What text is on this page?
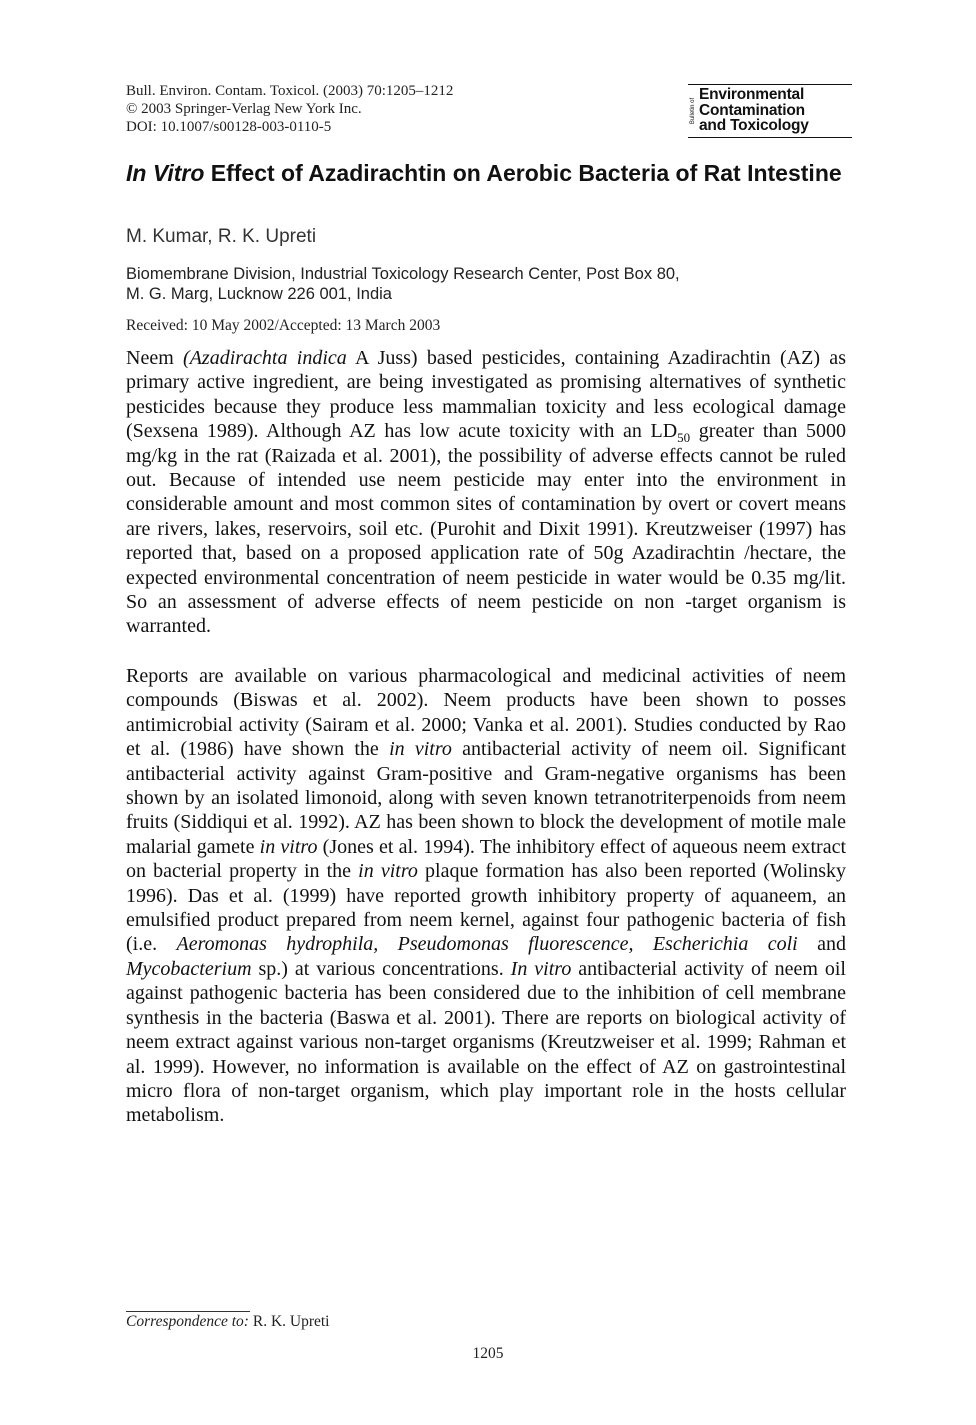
Bull. Environ. Contam. Toxicol. (2003) 70:1205–1212
© 2003 Springer-Verlag New York Inc.
DOI: 10.1007/s00128-003-0110-5
Bulletin of
Environmental
Contamination
and Toxicology
In Vitro Effect of Azadirachtin on Aerobic Bacteria of Rat Intestine
M. Kumar, R. K. Upreti
Biomembrane Division, Industrial Toxicology Research Center, Post Box 80,
M. G. Marg, Lucknow 226 001, India
Received: 10 May 2002/Accepted: 13 March 2003
Neem (Azadirachta indica A Juss) based pesticides, containing Azadirachtin (AZ) as primary active ingredient, are being investigated as promising alternatives of synthetic pesticides because they produce less mammalian toxicity and less ecological damage (Sexsena 1989). Although AZ has low acute toxicity with an $LD_{50}$ greater than 5000 mg/kg in the rat (Raizada et al. 2001), the possibility of adverse effects cannot be ruled out. Because of intended use neem pesticide may enter into the environment in considerable amount and most common sites of contamination by overt or covert means are rivers, lakes, reservoirs, soil etc. (Purohit and Dixit 1991). Kreutzweiser (1997) has reported that, based on a proposed application rate of 50g Azadirachtin /hectare, the expected environmental concentration of neem pesticide in water would be 0.35 mg/lit. So an assessment of adverse effects of neem pesticide on non -target organism is warranted.
Reports are available on various pharmacological and medicinal activities of neem compounds (Biswas et al. 2002). Neem products have been shown to posses antimicrobial activity (Sairam et al. 2000; Vanka et al. 2001). Studies conducted by Rao et al. (1986) have shown the in vitro antibacterial activity of neem oil. Significant antibacterial activity against Gram-positive and Gram-negative organisms has been shown by an isolated limonoid, along with seven known tetranotriterpenoids from neem fruits (Siddiqui et al. 1992). AZ has been shown to block the development of motile male malarial gamete in vitro (Jones et al. 1994). The inhibitory effect of aqueous neem extract on bacterial property in the in vitro plaque formation has also been reported (Wolinsky 1996). Das et al. (1999) have reported growth inhibitory property of aquaneem, an emulsified product prepared from neem kernel, against four pathogenic bacteria of fish (i.e. Aeromonas hydrophila, Pseudomonas fluorescence, Escherichia coli and Mycobacterium sp.) at various concentrations. In vitro antibacterial activity of neem oil against pathogenic bacteria has been considered due to the inhibition of cell membrane synthesis in the bacteria (Baswa et al. 2001). There are reports on biological activity of neem extract against various non-target organisms (Kreutzweiser et al. 1999; Rahman et al. 1999). However, no information is available on the effect of AZ on gastrointestinal micro flora of non-target organism, which play important role in the hosts cellular metabolism.
Correspondence to: R. K. Upreti
1205
